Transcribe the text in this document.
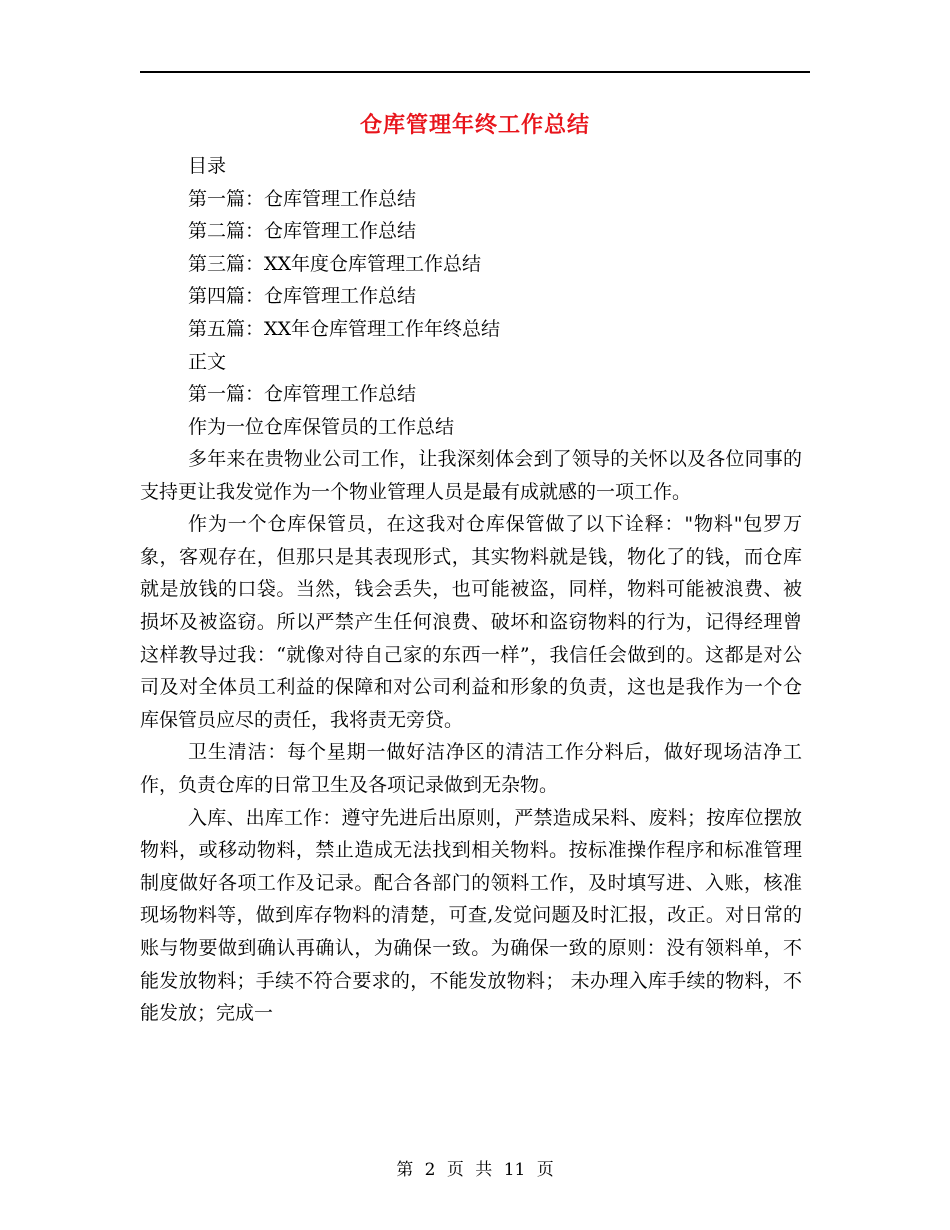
仓库管理年终工作总结
目录
第一篇：仓库管理工作总结
第二篇：仓库管理工作总结
第三篇：XX年度仓库管理工作总结
第四篇：仓库管理工作总结
第五篇：XX年仓库管理工作年终总结
正文
第一篇：仓库管理工作总结
作为一位仓库保管员的工作总结

多年来在贵物业公司工作，让我深刻体会到了领导的关怀以及各位同事的支持更让我发觉作为一个物业管理人员是最有成就感的一项工作。

作为一个仓库保管员，在这我对仓库保管做了以下诠释："物料"包罗万象，客观存在，但那只是其表现形式，其实物料就是钱，物化了的钱，而仓库就是放钱的口袋。当然，钱会丢失，也可能被盗，同样，物料可能被浪费、被损坏及被盗窃。所以严禁产生任何浪费、破坏和盗窃物料的行为，记得经理曾这样教导过我：“就像对待自己家的东西一样”，我信任会做到的。这都是对公司及对全体员工利益的保障和对公司利益和形象的负责，这也是我作为一个仓库保管员应尽的责任，我将责无旁贷。

卫生清洁：每个星期一做好洁净区的清洁工作分料后，做好现场洁净工作，负责仓库的日常卫生及各项记录做到无杂物。

入库、出库工作：遵守先进后出原则，严禁造成呆料、废料；按库位摆放物料，或移动物料，禁止造成无法找到相关物料。按标准操作程序和标准管理制度做好各项工作及记录。配合各部门的领料工作，及时填写进、入账，核准现场物料等，做到库存物料的清楚，可查,发觉问题及时汇报，改正。对日常的账与物要做到确认再确认，为确保一致。为确保一致的原则：没有领料单，不能发放物料；手续不符合要求的，不能发放物料； 未办理入库手续的物料，不能发放；完成一

第 2 页 共 11 页
